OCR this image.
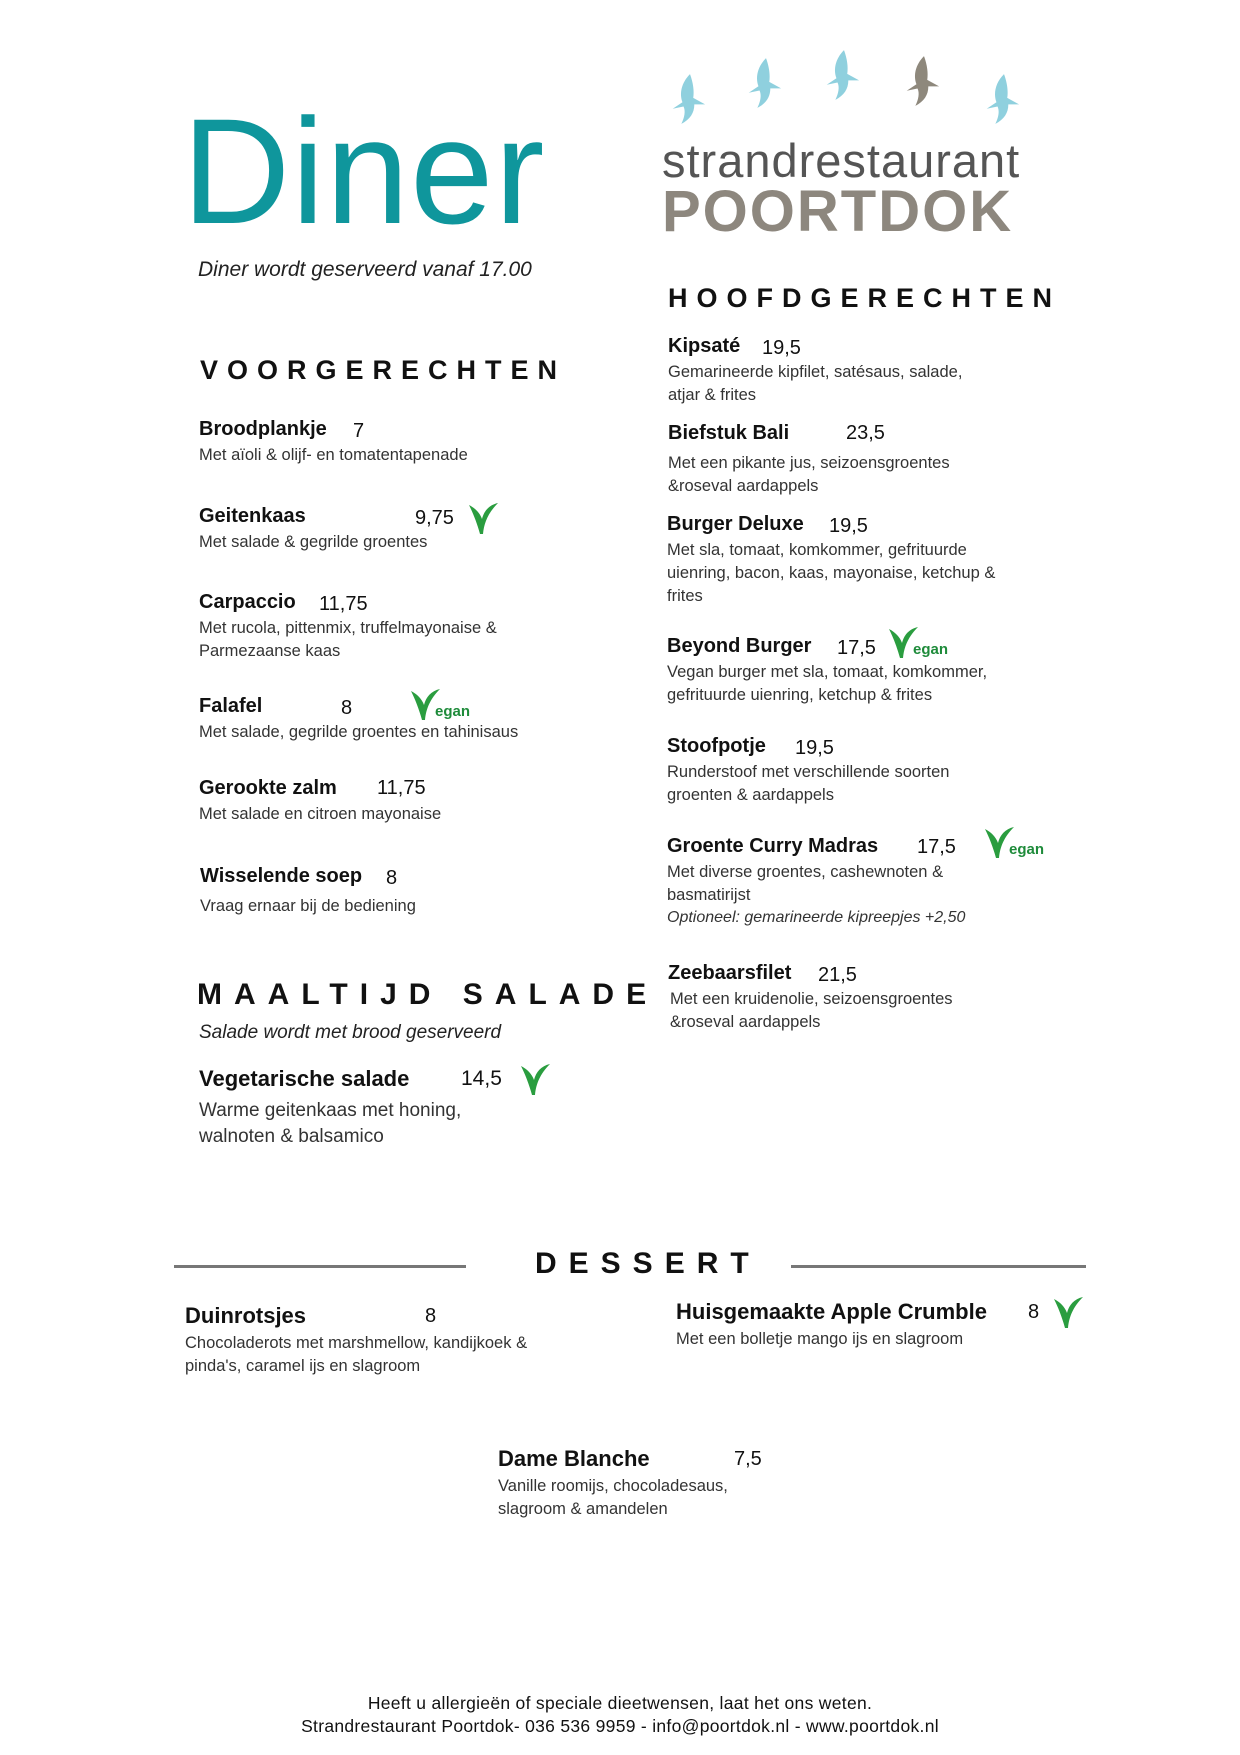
Diner
Diner wordt geserveerd vanaf 17.00
strandrestaurant
POORTDOK
VOORGERECHTEN
Broodplankje	7
Met aïoli & olijf- en tomatentapenade
Geitenkaas	9,75
Met salade & gegrilde groentes
Carpaccio	11,75
Met rucola, pittenmix, truffelmayonaise & Parmezaanse kaas
Falafel	8	egan
Met salade, gegrilde groentes en tahinisaus
Gerookte zalm	11,75
Met salade en citroen mayonaise
Wisselende soep	8
Vraag ernaar bij de bediening
MAALTIJD SALADE
Salade wordt met brood geserveerd
Vegetarische salade	14,5
Warme geitenkaas met honing, walnoten & balsamico
HOOFDGERECHTEN
Kipsaté	19,5
Gemarineerde kipfilet, satésaus, salade, atjar & frites
Biefstuk Bali	23,5
Met een pikante jus, seizoensgroentes &roseval aardappels
Burger Deluxe	19,5
Met sla, tomaat, komkommer, gefrituurde uienring, bacon, kaas, mayonaise, ketchup & frites
Beyond Burger	17,5 egan
Vegan burger met sla, tomaat, komkommer, gefrituurde uienring, ketchup & frites
Stoofpotje	19,5
Runderstoof met verschillende soorten groenten & aardappels
Groente Curry Madras	17,5	egan
Met diverse groentes, cashewnoten & basmatirijst
Optioneel: gemarineerde kipreepjes +2,50
Zeebaarsfilet	21,5
Met een kruidenolie, seizoensgroentes &roseval aardappels
DESSERT
Duinrotsjes	8
Chocoladerots met marshmellow, kandijkoek & pinda's, caramel ijs en slagroom
Huisgemaakte Apple Crumble	8
Met een bolletje mango ijs en slagroom
Dame Blanche	7,5
Vanille roomijs, chocoladesaus, slagroom & amandelen
Heeft u allergieën of speciale dieetwensen, laat het ons weten.
Strandrestaurant Poortdok- 036 536 9959 - info@poortdok.nl - www.poortdok.nl
